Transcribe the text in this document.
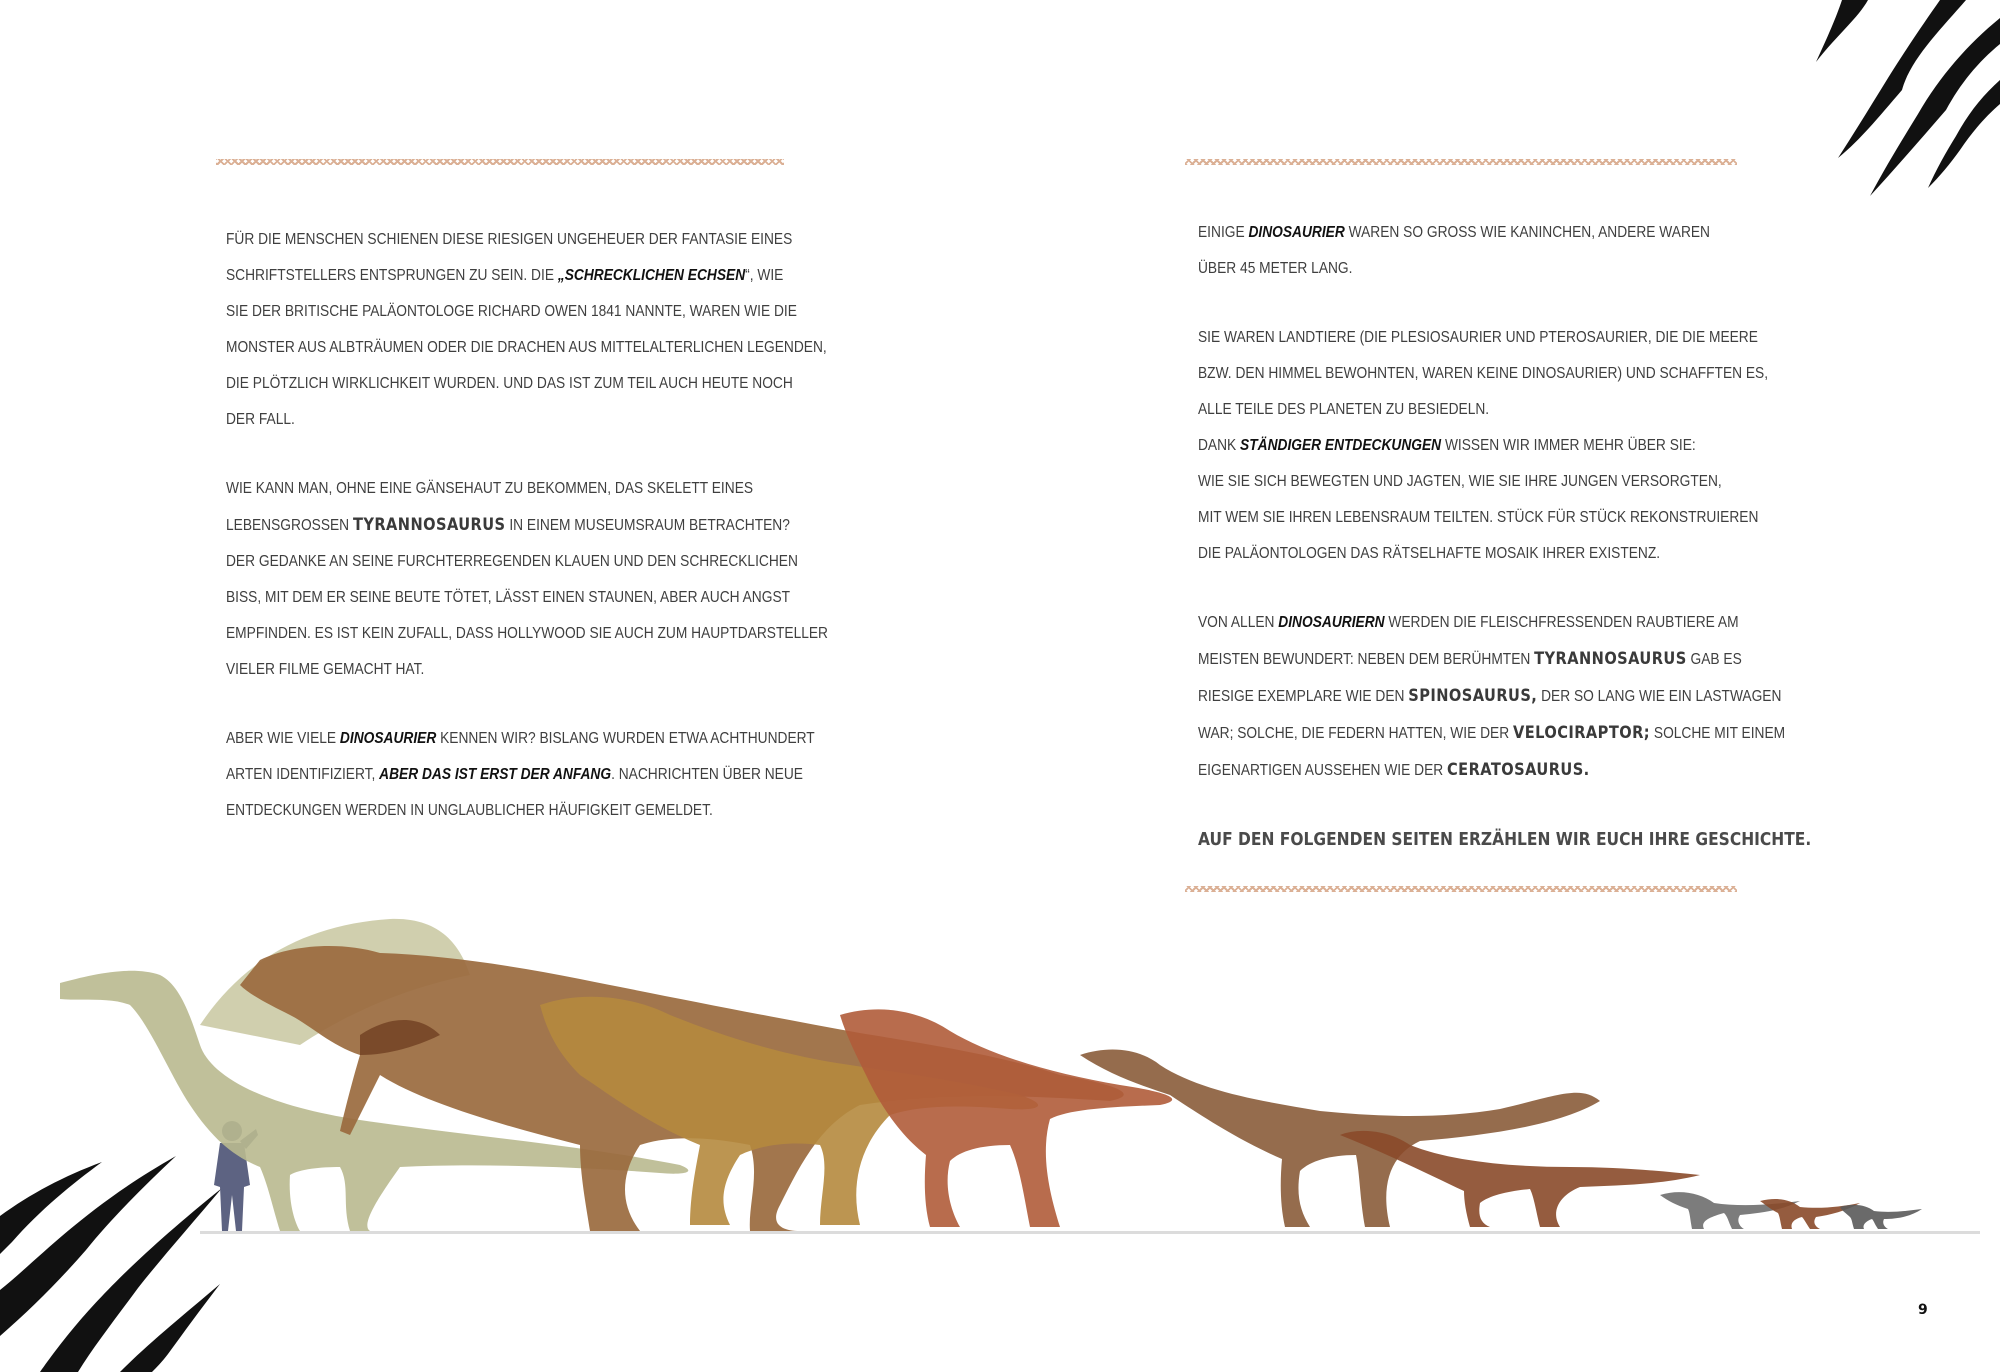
FÜR DIE MENSCHEN SCHIENEN DIESE RIESIGEN UNGEHEUER DER FANTASIE EINES
SCHRIFTSTELLERS ENTSPRUNGEN ZU SEIN. DIE „SCHRECKLICHEN ECHSEN“, WIE
SIE DER BRITISCHE PALÄONTOLOGE RICHARD OWEN 1841 NANNTE, WAREN WIE DIE
MONSTER AUS ALBTRÄUMEN ODER DIE DRACHEN AUS MITTELALTERLICHEN LEGENDEN,
DIE PLÖTZLICH WIRKLICHKEIT WURDEN. UND DAS IST ZUM TEIL AUCH HEUTE NOCH
DER FALL.
WIE KANN MAN, OHNE EINE GÄNSEHAUT ZU BEKOMMEN, DAS SKELETT EINES
LEBENSGROSSEN TYRANNOSAURUS IN EINEM MUSEUMSRAUM BETRACHTEN?
DER GEDANKE AN SEINE FURCHTERREGENDEN KLAUEN UND DEN SCHRECKLICHEN
BISS, MIT DEM ER SEINE BEUTE TÖTET, LÄSST EINEN STAUNEN, ABER AUCH ANGST
EMPFINDEN. ES IST KEIN ZUFALL, DASS HOLLYWOOD SIE AUCH ZUM HAUPTDARSTELLER
VIELER FILME GEMACHT HAT.
ABER WIE VIELE DINOSAURIER KENNEN WIR? BISLANG WURDEN ETWA ACHTHUNDERT
ARTEN IDENTIFIZIERT, ABER DAS IST ERST DER ANFANG. NACHRICHTEN ÜBER NEUE
ENTDECKUNGEN WERDEN IN UNGLAUBLICHER HÄUFIGKEIT GEMELDET.
EINIGE DINOSAURIER WAREN SO GROSS WIE KANINCHEN, ANDERE WAREN
ÜBER 45 METER LANG.
SIE WAREN LANDTIERE (DIE PLESIOSAURIER UND PTEROSAURIER, DIE DIE MEERE
BZW. DEN HIMMEL BEWOHNTEN, WAREN KEINE DINOSAURIER) UND SCHAFFTEN ES,
ALLE TEILE DES PLANETEN ZU BESIEDELN.
DANK STÄNDIGER ENTDECKUNGEN WISSEN WIR IMMER MEHR ÜBER SIE:
WIE SIE SICH BEWEGTEN UND JAGTEN, WIE SIE IHRE JUNGEN VERSORGTEN,
MIT WEM SIE IHREN LEBENSRAUM TEILTEN. STÜCK FÜR STÜCK REKONSTRUIEREN
DIE PALÄONTOLOGEN DAS RÄTSELHAFTE MOSAIK IHRER EXISTENZ.
VON ALLEN DINOSAURIERN WERDEN DIE FLEISCHFRESSENDEN RAUBTIERE AM
MEISTEN BEWUNDERT: NEBEN DEM BERÜHMTEN TYRANNOSAURUS GAB ES
RIESIGE EXEMPLARE WIE DEN SPINOSAURUS, DER SO LANG WIE EIN LASTWAGEN
WAR; SOLCHE, DIE FEDERN HATTEN, WIE DER VELOCIRAPTOR; SOLCHE MIT EINEM
EIGENARTIGEN AUSSEHEN WIE DER CERATOSAURUS.
AUF DEN FOLGENDEN SEITEN ERZÄHLEN WIR EUCH IHRE GESCHICHTE.
9
